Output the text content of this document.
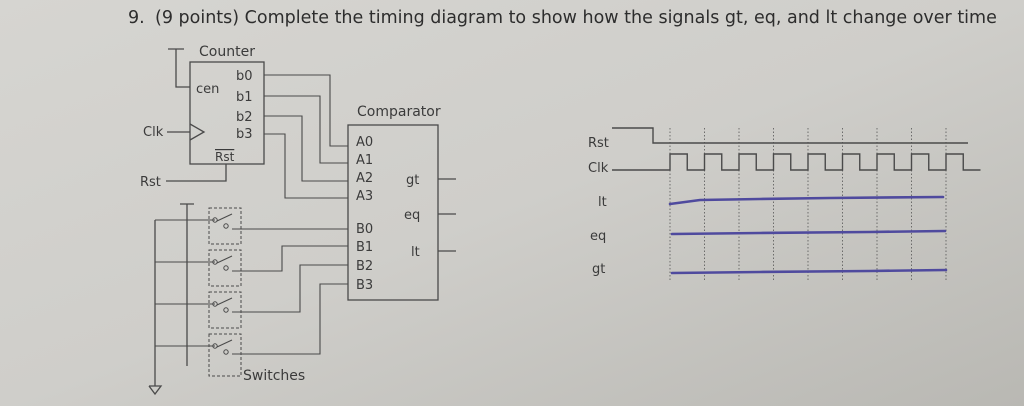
9. (9 points) Complete the timing diagram to show how the signals gt, eq, and lt change over time
Counter
cen
b0
b1
b2
b3
Rst
Clk
Rst
Comparator
A0
A1
A2
A3
B0
B1
B2
B3
gt
eq
lt
Switches
Rst
Clk
lt
eq
gt
